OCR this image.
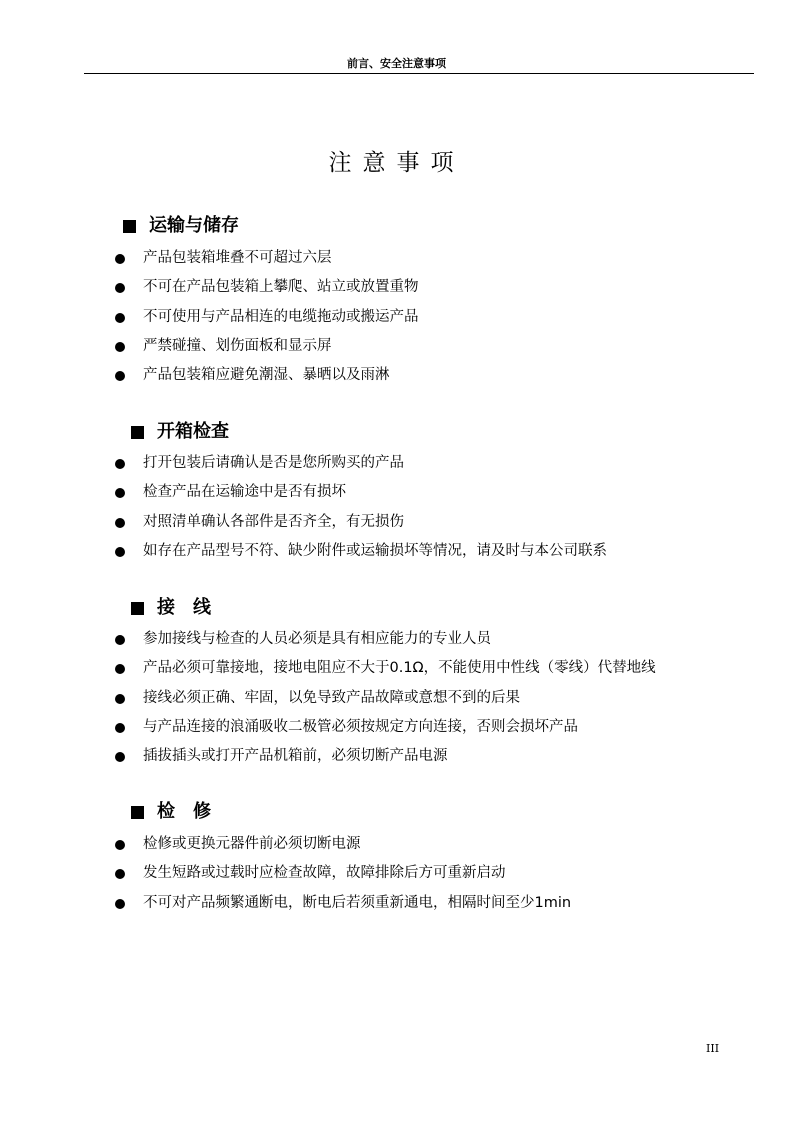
前言、安全注意事项
注意事项
运输与储存
产品包装箱堆叠不可超过六层
不可在产品包装箱上攀爬、站立或放置重物
不可使用与产品相连的电缆拖动或搬运产品
严禁碰撞、划伤面板和显示屏
产品包装箱应避免潮湿、暴晒以及雨淋
开箱检查
打开包装后请确认是否是您所购买的产品
检查产品在运输途中是否有损坏
对照清单确认各部件是否齐全，有无损伤
如存在产品型号不符、缺少附件或运输损坏等情况，请及时与本公司联系
接　线
参加接线与检查的人员必须是具有相应能力的专业人员
产品必须可靠接地，接地电阻应不大于0.1Ω，不能使用中性线（零线）代替地线
接线必须正确、牢固，以免导致产品故障或意想不到的后果
与产品连接的浪涌吸收二极管必须按规定方向连接，否则会损坏产品
插拔插头或打开产品机箱前，必须切断产品电源
检　修
检修或更换元器件前必须切断电源
发生短路或过载时应检查故障，故障排除后方可重新启动
不可对产品频繁通断电，断电后若须重新通电，相隔时间至少1min
III
